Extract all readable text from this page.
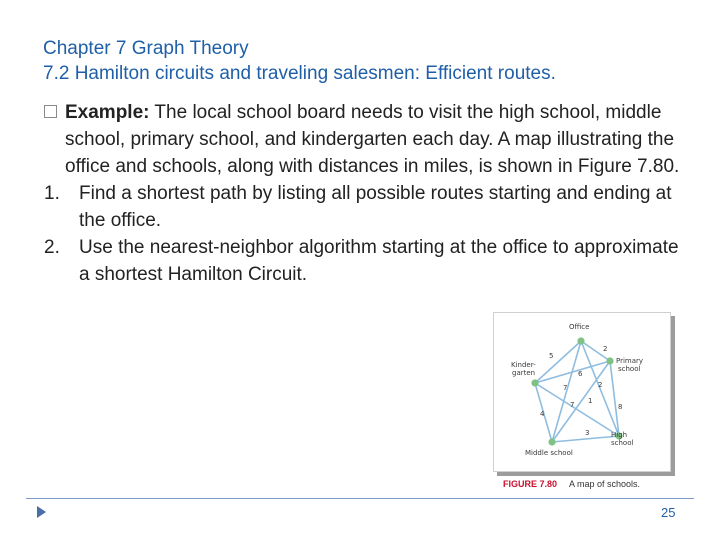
Chapter 7 Graph Theory
7.2 Hamilton circuits and traveling salesmen: Efficient routes.
Example: The local school board needs to visit the high school, middle school, primary school, and kindergarten each day. A map illustrating the office and schools, along with distances in miles, is shown in Figure 7.80.
1. Find a shortest path by listing all possible routes starting and ending at the office.
2. Use the nearest-neighbor algorithm starting at the office to approximate a shortest Hamilton Circuit.
5
2
6
1
7
4
7
2
8
3
Office
Primary
school
Kinder-
garten
Middle school
High
school
FIGURE 7.80 A map of schools.
25
